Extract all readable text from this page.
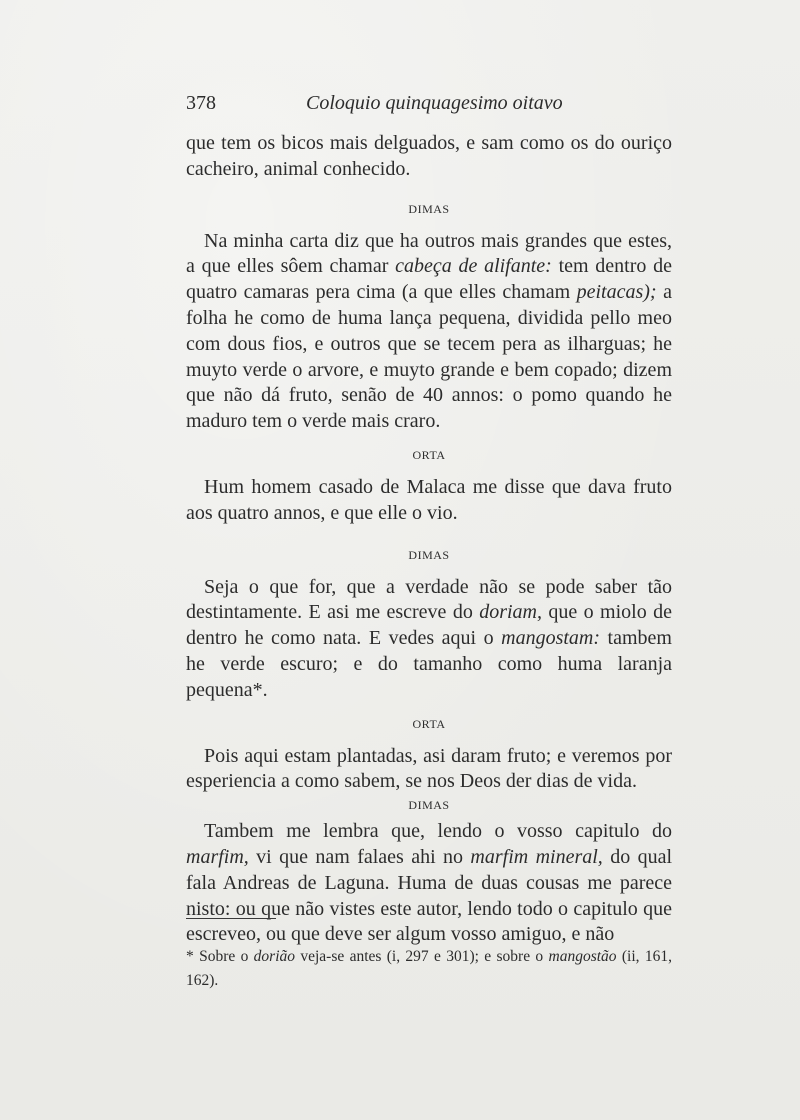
378	Coloquio quinquagesimo oitavo

que tem os bicos mais delguados, e sam como os do ouriço cacheiro, animal conhecido.

DIMAS

Na minha carta diz que ha outros mais grandes que estes, a que elles sôem chamar cabeça de alifante: tem dentro de quatro camaras pera cima (a que elles chamam peitacas); a folha he como de huma lança pequena, dividida pello meo com dous fios, e outros que se tecem pera as ilharguas; he muyto verde o arvore, e muyto grande e bem copado; dizem que não dá fruto, senão de 40 annos: o pomo quando he maduro tem o verde mais craro.

ORTA

Hum homem casado de Malaca me disse que dava fruto aos quatro annos, e que elle o vio.

DIMAS

Seja o que for, que a verdade não se pode saber tão destintamente. E asi me escreve do doriam, que o miolo de dentro he como nata. E vedes aqui o mangostam: tambem he verde escuro; e do tamanho como huma laranja pequena*.

ORTA

Pois aqui estam plantadas, asi daram fruto; e veremos por esperiencia a como sabem, se nos Deos der dias de vida.

DIMAS

Tambem me lembra que, lendo o vosso capitulo do marfim, vi que nam falaes ahi no marfim mineral, do qual fala Andreas de Laguna. Huma de duas cousas me parece nisto: ou que não vistes este autor, lendo todo o capitulo que escreveo, ou que deve ser algum vosso amiguo, e não

* Sobre o dorião veja-se antes (i, 297 e 301); e sobre o mangostão (ii, 161, 162).
